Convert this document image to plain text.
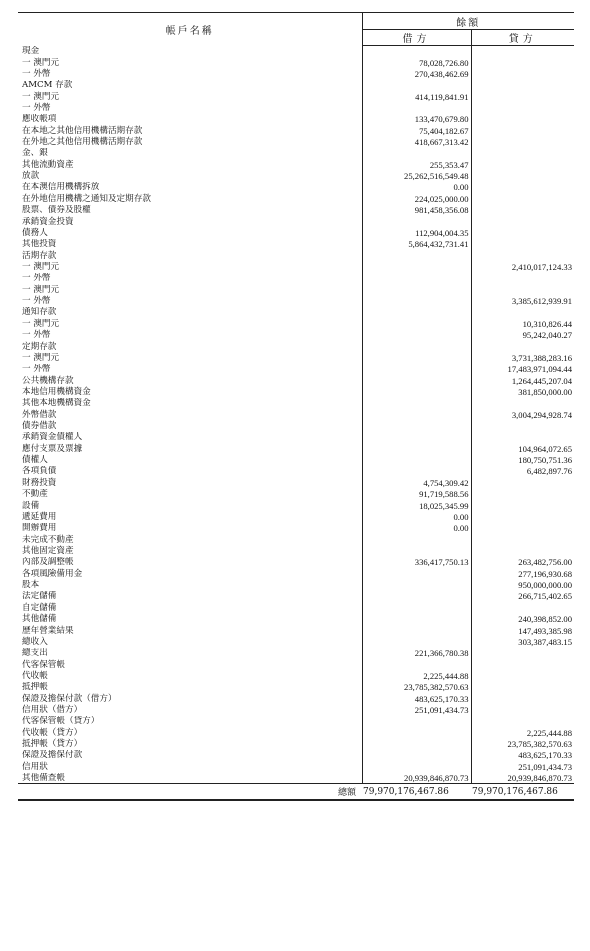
帳戶名稱	餘額	
	借方	貸方
現金		
一 澳門元	78,028,726.80	
一 外幣	270,438,462.69	
AMCM 存款		
一 澳門元	414,119,841.91	
一 外幣		
應收帳項	133,470,679.80	
在本地之其他信用機構活期存款	75,404,182.67	
在外地之其他信用機構活期存款	418,667,313.42	
金、銀		
其他流動資產	255,353.47	
放款	25,262,516,549.48	
在本澳信用機構拆放	0.00	
在外地信用機構之通知及定期存款	224,025,000.00	
股票、債券及股權	981,458,356.08	
承銷資金投資		
債務人	112,904,004.35	
其他投資	5,864,432,731.41	
活期存款		
一 澳門元		2,410,017,124.33
一 外幣		
一 澳門元		
一 外幣		3,385,612,939.91
通知存款		
一 澳門元		10,310,826.44
一 外幣		95,242,040.27
定期存款		
一 澳門元		3,731,388,283.16
一 外幣		17,483,971,094.44
公共機構存款		1,264,445,207.04
本地信用機構資金		381,850,000.00
其他本地機構資金		
外幣借款		3,004,294,928.74
債券借款		
承銷資金債權人		
應付支票及票據		104,964,072.65
債權人		180,750,751.36
各項負債		6,482,897.76
財務投資	4,754,309.42	
不動產	91,719,588.56	
設備	18,025,345.99	
遞延費用	0.00	
開辦費用	0.00	
未完成不動產		
其他固定資產		
內部及調整帳	336,417,750.13	263,482,756.00
各項風險備用金		277,196,930.68
股本		950,000,000.00
法定儲備		266,715,402.65
自定儲備		
其他儲備		240,398,852.00
歷年營業結果		147,493,385.98
總收入		303,387,483.15
總支出	221,366,780.38	
代客保管帳		
代收帳	2,225,444.88	
抵押帳	23,785,382,570.63	
保證及擔保付款（借方）	483,625,170.33	
信用狀（借方）	251,091,434.73	
代客保管帳（貸方）		
代收帳（貸方）		2,225,444.88
抵押帳（貸方）		23,785,382,570.63
保證及擔保付款		483,625,170.33
信用狀		251,091,434.73
其他備查帳	20,939,846,870.73	20,939,846,870.73
總額	79,970,176,467.86	79,970,176,467.86
